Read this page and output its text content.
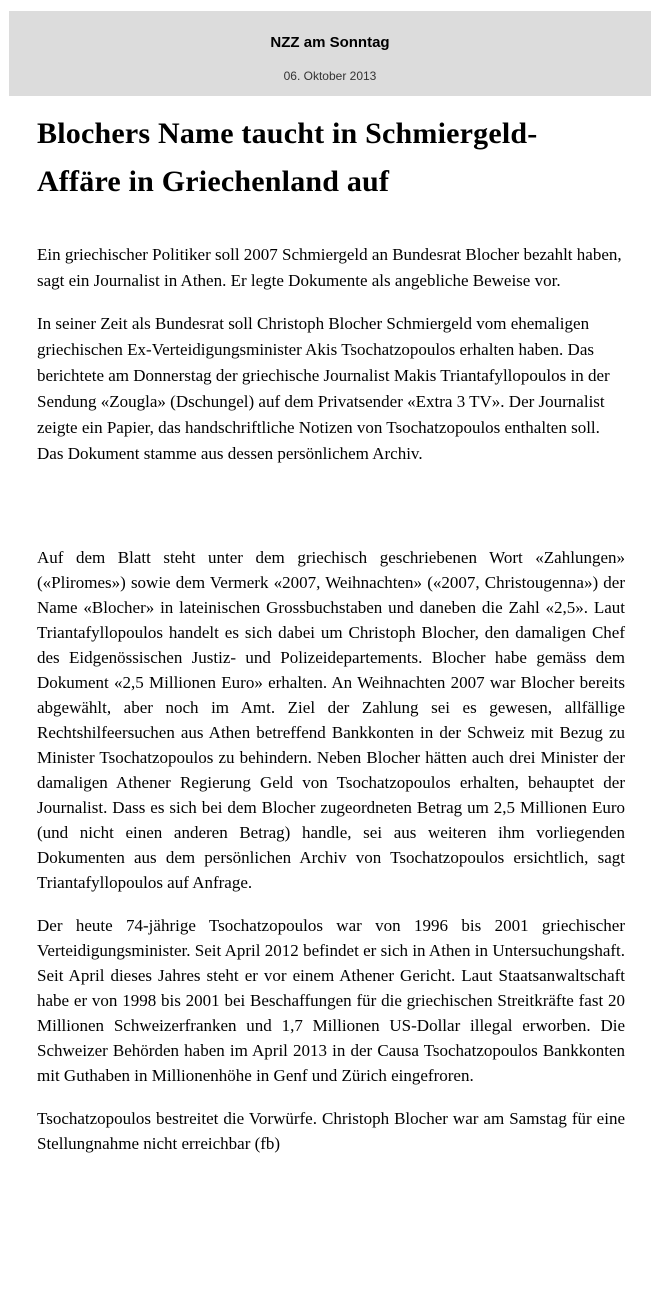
NZZ am Sonntag
06. Oktober 2013
Blochers Name taucht in Schmiergeld-
Affäre in Griechenland auf

Ein griechischer Politiker soll 2007 Schmiergeld an Bundesrat Blocher bezahlt haben, sagt ein Journalist in Athen. Er legte Dokumente als angebliche Beweise vor.

In seiner Zeit als Bundesrat soll Christoph Blocher Schmiergeld vom ehemaligen griechischen Ex-Verteidigungsminister Akis Tsochatzopoulos erhalten haben. Das berichtete am Donnerstag der griechische Journalist Makis Triantafyllopoulos in der Sendung «Zougla» (Dschungel) auf dem Privatsender «Extra 3 TV». Der Journalist zeigte ein Papier, das handschriftliche Notizen von Tsochatzopoulos enthalten soll. Das Dokument stamme aus dessen persönlichem Archiv.

Auf dem Blatt steht unter dem griechisch geschriebenen Wort «Zahlungen» («Pliromes») sowie dem Vermerk «2007, Weihnachten» («2007, Christougenna») der Name «Blocher» in lateinischen Grossbuchstaben und daneben die Zahl «2,5». Laut Triantafyllopoulos handelt es sich dabei um Christoph Blocher, den damaligen Chef des Eidgenössischen Justiz- und Polizeidepartements. Blocher habe gemäss dem Dokument «2,5 Millionen Euro» erhalten. An Weihnachten 2007 war Blocher bereits abgewählt, aber noch im Amt. Ziel der Zahlung sei es gewesen, allfällige Rechtshilfeersuchen aus Athen betreffend Bankkonten in der Schweiz mit Bezug zu Minister Tsochatzopoulos zu behindern. Neben Blocher hätten auch drei Minister der damaligen Athener Regierung Geld von Tsochatzopoulos erhalten, behauptet der Journalist. Dass es sich bei dem Blocher zugeordneten Betrag um 2,5 Millionen Euro (und nicht einen anderen Betrag) handle, sei aus weiteren ihm vorliegenden Dokumenten aus dem persönlichen Archiv von Tsochatzopoulos ersichtlich, sagt Triantafyllopoulos auf Anfrage.

Der heute 74-jährige Tsochatzopoulos war von 1996 bis 2001 griechischer Verteidigungsminister. Seit April 2012 befindet er sich in Athen in Untersuchungshaft. Seit April dieses Jahres steht er vor einem Athener Gericht. Laut Staatsanwaltschaft habe er von 1998 bis 2001 bei Beschaffungen für die griechischen Streitkräfte fast 20 Millionen Schweizerfranken und 1,7 Millionen US-Dollar illegal erworben. Die Schweizer Behörden haben im April 2013 in der Causa Tsochatzopoulos Bankkonten mit Guthaben in Millionenhöhe in Genf und Zürich eingefroren.

Tsochatzopoulos bestreitet die Vorwürfe. Christoph Blocher war am Samstag für eine Stellungnahme nicht erreichbar (fb)
